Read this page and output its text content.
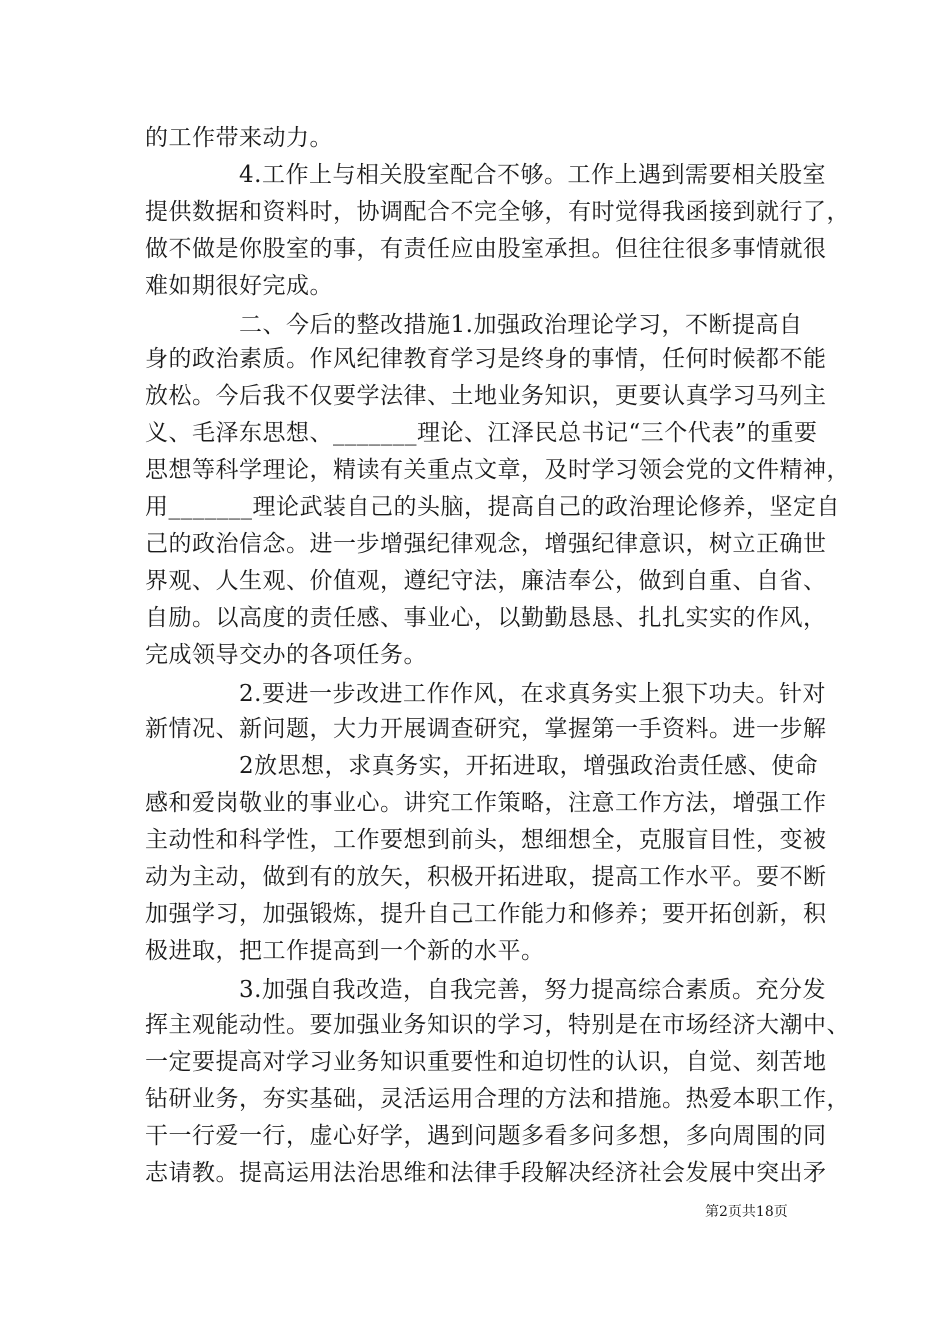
的工作带来动力。
　　　　4.工作上与相关股室配合不够。工作上遇到需要相关股室
提供数据和资料时，协调配合不完全够，有时觉得我函接到就行了，
做不做是你股室的事，有责任应由股室承担。但往往很多事情就很
难如期很好完成。
　　　　二、今后的整改措施1.加强政治理论学习，不断提高自
身的政治素质。作风纪律教育学习是终身的事情，任何时候都不能
放松。今后我不仅要学法律、土地业务知识，更要认真学习马列主
义、毛泽东思想、_______理论、江泽民总书记“三个代表”的重要
思想等科学理论，精读有关重点文章，及时学习领会党的文件精神，
用_______理论武装自己的头脑，提高自己的政治理论修养，坚定自
己的政治信念。进一步增强纪律观念，增强纪律意识，树立正确世
界观、人生观、价值观，遵纪守法，廉洁奉公，做到自重、自省、
自励。以高度的责任感、事业心，以勤勤恳恳、扎扎实实的作风，
完成领导交办的各项任务。
　　　　2.要进一步改进工作作风，在求真务实上狠下功夫。针对
新情况、新问题，大力开展调查研究，掌握第一手资料。进一步解
　　　　2放思想，求真务实，开拓进取，增强政治责任感、使命
感和爱岗敬业的事业心。讲究工作策略，注意工作方法，增强工作
主动性和科学性，工作要想到前头，想细想全，克服盲目性，变被
动为主动，做到有的放矢，积极开拓进取，提高工作水平。要不断
加强学习，加强锻炼，提升自己工作能力和修养；要开拓创新，积
极进取，把工作提高到一个新的水平。
　　　　3.加强自我改造，自我完善，努力提高综合素质。充分发
挥主观能动性。要加强业务知识的学习，特别是在市场经济大潮中、
一定要提高对学习业务知识重要性和迫切性的认识，自觉、刻苦地
钻研业务，夯实基础，灵活运用合理的方法和措施。热爱本职工作，
干一行爱一行，虚心好学，遇到问题多看多问多想，多向周围的同
志请教。提高运用法治思维和法律手段解决经济社会发展中突出矛
第2页共18页
